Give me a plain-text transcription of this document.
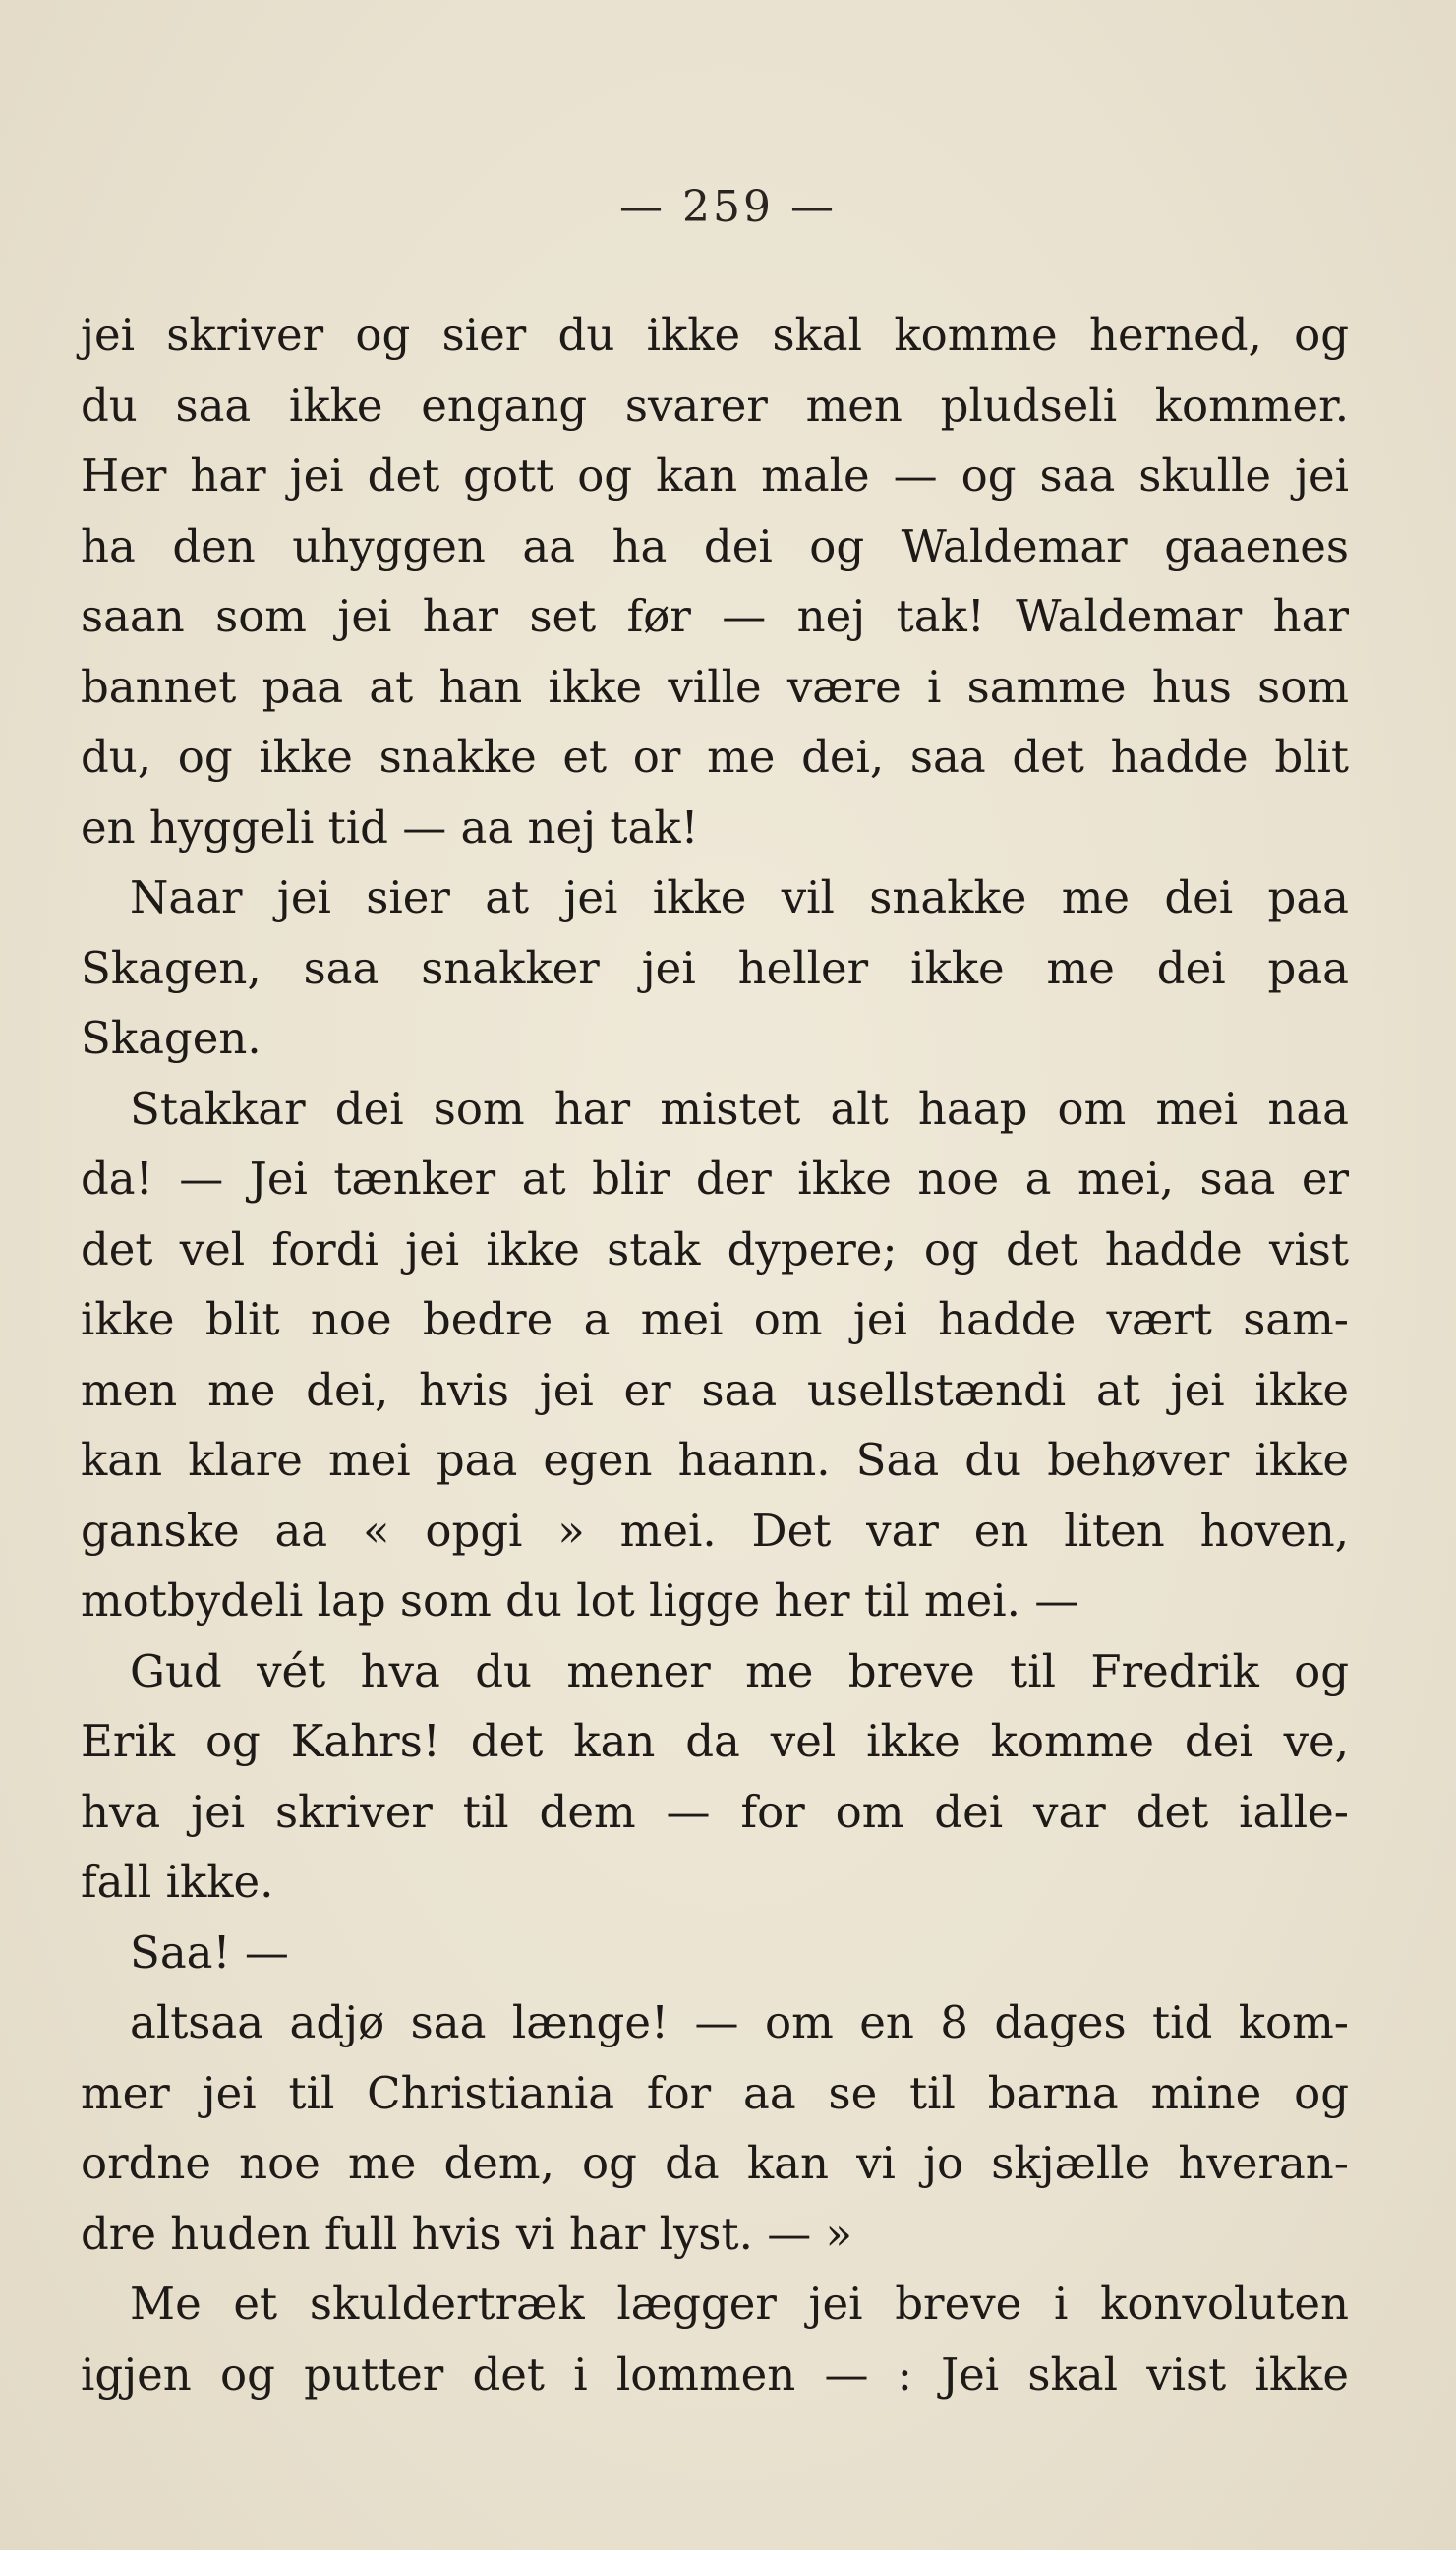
— 259 —
jei skriver og sier du ikke skal komme herned, og
du saa ikke engang svarer men pludseli kommer.
Her har jei det gott og kan male — og saa skulle jei
ha den uhyggen aa ha dei og Waldemar gaaenes
saan som jei har set før — nej tak! Waldemar har
bannet paa at han ikke ville være i samme hus som
du, og ikke snakke et or me dei, saa det hadde blit
en hyggeli tid — aa nej tak!
Naar jei sier at jei ikke vil snakke me dei paa
Skagen, saa snakker jei heller ikke me dei paa
Skagen.
Stakkar dei som har mistet alt haap om mei naa
da! — Jei tænker at blir der ikke noe a mei, saa er
det vel fordi jei ikke stak dypere; og det hadde vist
ikke blit noe bedre a mei om jei hadde vært sam-
men me dei, hvis jei er saa usellstændi at jei ikke
kan klare mei paa egen haann. Saa du behøver ikke
ganske aa « opgi » mei. Det var en liten hoven,
motbydeli lap som du lot ligge her til mei. —
Gud vét hva du mener me breve til Fredrik og
Erik og Kahrs! det kan da vel ikke komme dei ve,
hva jei skriver til dem — for om dei var det ialle-
fall ikke.
Saa! —
altsaa adjø saa længe! — om en 8 dages tid kom-
mer jei til Christiania for aa se til barna mine og
ordne noe me dem, og da kan vi jo skjælle hveran-
dre huden full hvis vi har lyst. — »
Me et skuldertræk lægger jei breve i konvoluten
igjen og putter det i lommen — : Jei skal vist ikke
